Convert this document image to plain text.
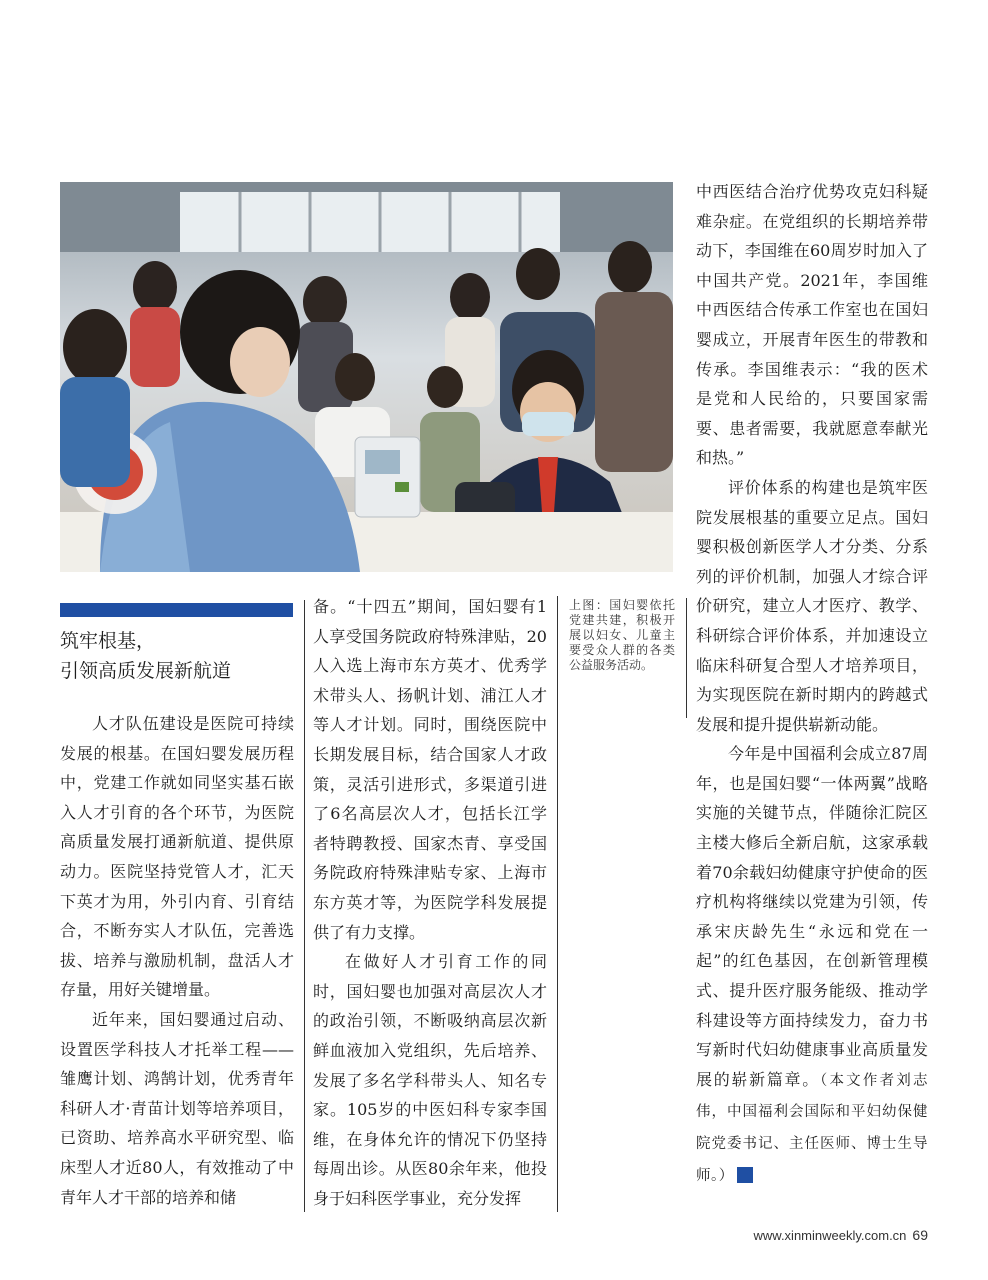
筑牢根基，
引领高质发展新航道

人才队伍建设是医院可持续发展的根基。在国妇婴发展历程中，党建工作就如同坚实基石嵌入人才引育的各个环节，为医院高质量发展打通新航道、提供原动力。医院坚持党管人才，汇天下英才为用，外引内育、引育结合，不断夯实人才队伍，完善选拔、培养与激励机制，盘活人才存量，用好关键增量。

近年来，国妇婴通过启动、设置医学科技人才托举工程——雏鹰计划、鸿鹄计划，优秀青年科研人才·青苗计划等培养项目，已资助、培养高水平研究型、临床型人才近80人，有效推动了中青年人才干部的培养和储

备。“十四五”期间，国妇婴有1人享受国务院政府特殊津贴，20人入选上海市东方英才、优秀学术带头人、扬帆计划、浦江人才等人才计划。同时，围绕医院中长期发展目标，结合国家人才政策，灵活引进形式，多渠道引进了6名高层次人才，包括长江学者特聘教授、国家杰青、享受国务院政府特殊津贴专家、上海市东方英才等，为医院学科发展提供了有力支撑。

在做好人才引育工作的同时，国妇婴也加强对高层次人才的政治引领，不断吸纳高层次新鲜血液加入党组织，先后培养、发展了多名学科带头人、知名专家。105岁的中医妇科专家李国维，在身体允许的情况下仍坚持每周出诊。从医80余年来，他投身于妇科医学事业，充分发挥

上图：国妇婴依托党建共建，积极开展以妇女、儿童主要受众人群的各类公益服务活动。

中西医结合治疗优势攻克妇科疑难杂症。在党组织的长期培养带动下，李国维在60周岁时加入了中国共产党。2021年，李国维中西医结合传承工作室也在国妇婴成立，开展青年医生的带教和传承。李国维表示：“我的医术是党和人民给的，只要国家需要、患者需要，我就愿意奉献光和热。”

评价体系的构建也是筑牢医院发展根基的重要立足点。国妇婴积极创新医学人才分类、分系列的评价机制，加强人才综合评价研究，建立人才医疗、教学、科研综合评价体系，并加速设立临床科研复合型人才培养项目，为实现医院在新时期内的跨越式发展和提升提供崭新动能。

今年是中国福利会成立87周年，也是国妇婴“一体两翼”战略实施的关键节点，伴随徐汇院区主楼大修后全新启航，这家承载着70余载妇幼健康守护使命的医疗机构将继续以党建为引领，传承宋庆龄先生“永远和党在一起”的红色基因，在创新管理模式、提升医疗服务能级、推动学科建设等方面持续发力，奋力书写新时代妇幼健康事业高质量发展的崭新篇章。（本文作者刘志伟，中国福利会国际和平妇幼保健院党委书记、主任医师、博士生导师。）	民

www.xinminweekly.com.cn 69
